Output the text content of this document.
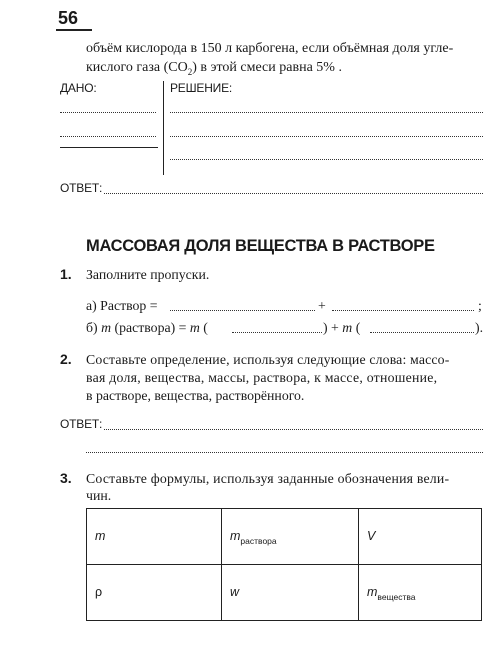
56
объём кислорода в 150 л карбогена, если объёмная доля угле-
кислого газа $(CO_2)$ в этой смеси равна 5% .
ДАНО:	РЕШЕНИЕ:
ОТВЕТ:
МАССОВАЯ ДОЛЯ ВЕЩЕСТВА В РАСТВОРЕ
1. Заполните пропуски.
а) Раствор =	+	;
б) m (раствора) = m (	) + m (	).
2. Составьте определение, используя следующие слова: массо-
вая доля, вещества, массы, раствора, к массе, отношение,
в растворе, вещества, растворённого.
ОТВЕТ:
3. Составьте формулы, используя заданные обозначения вели-
чин.
m	$m_{раствора}$	V
ρ	w	$m_{вещества}$
